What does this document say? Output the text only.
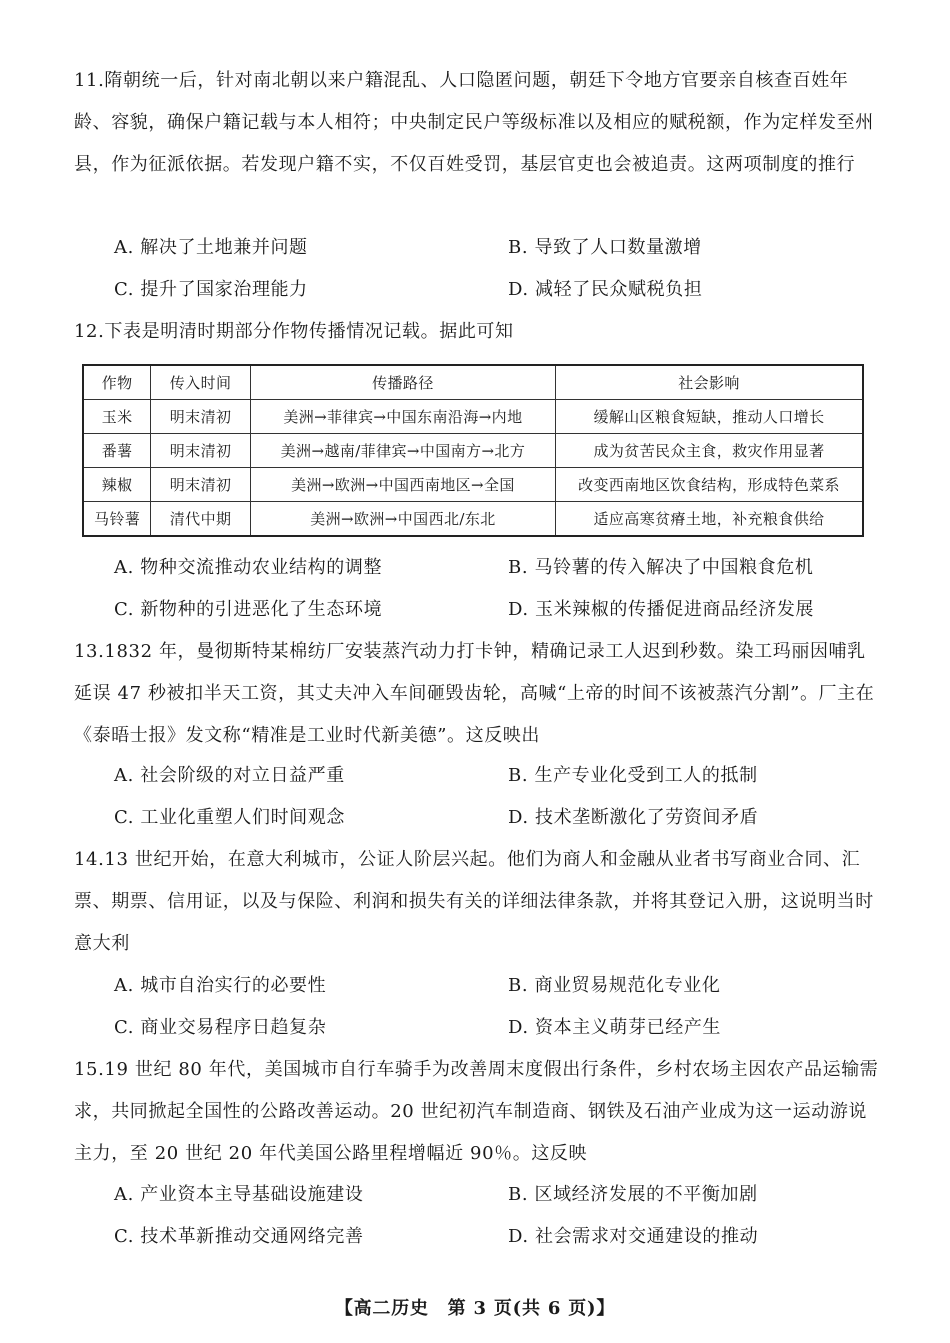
11.隋朝统一后，针对南北朝以来户籍混乱、人口隐匿问题，朝廷下令地方官要亲自核查百姓年龄、容貌，确保户籍记载与本人相符；中央制定民户等级标准以及相应的赋税额，作为定样发至州县，作为征派依据。若发现户籍不实，不仅百姓受罚，基层官吏也会被追责。这两项制度的推行
A. 解决了土地兼并问题	B. 导致了人口数量激增
C. 提升了国家治理能力	D. 减轻了民众赋税负担
12.下表是明清时期部分作物传播情况记载。据此可知
作物	传入时间	传播路径	社会影响
玉米	明末清初	美洲→菲律宾→中国东南沿海→内地	缓解山区粮食短缺，推动人口增长
番薯	明末清初	美洲→越南/菲律宾→中国南方→北方	成为贫苦民众主食，救灾作用显著
辣椒	明末清初	美洲→欧洲→中国西南地区→全国	改变西南地区饮食结构，形成特色菜系
马铃薯	清代中期	美洲→欧洲→中国西北/东北	适应高寒贫瘠土地，补充粮食供给
A. 物种交流推动农业结构的调整	B. 马铃薯的传入解决了中国粮食危机
C. 新物种的引进恶化了生态环境	D. 玉米辣椒的传播促进商品经济发展
13.1832 年，曼彻斯特某棉纺厂安装蒸汽动力打卡钟，精确记录工人迟到秒数。染工玛丽因哺乳延误 47 秒被扣半天工资，其丈夫冲入车间砸毁齿轮，高喊“上帝的时间不该被蒸汽分割”。厂主在《泰晤士报》发文称“精准是工业时代新美德”。这反映出
A. 社会阶级的对立日益严重	B. 生产专业化受到工人的抵制
C. 工业化重塑人们时间观念	D. 技术垄断激化了劳资间矛盾
14.13 世纪开始，在意大利城市，公证人阶层兴起。他们为商人和金融从业者书写商业合同、汇票、期票、信用证，以及与保险、利润和损失有关的详细法律条款，并将其登记入册，这说明当时意大利
A. 城市自治实行的必要性	B. 商业贸易规范化专业化
C. 商业交易程序日趋复杂	D. 资本主义萌芽已经产生
15.19 世纪 80 年代，美国城市自行车骑手为改善周末度假出行条件，乡村农场主因农产品运输需求，共同掀起全国性的公路改善运动。20 世纪初汽车制造商、钢铁及石油产业成为这一运动游说主力，至 20 世纪 20 年代美国公路里程增幅近 90％。这反映
A. 产业资本主导基础设施建设	B. 区域经济发展的不平衡加剧
C. 技术革新推动交通网络完善	D. 社会需求对交通建设的推动
【高二历史　第 3 页(共 6 页)】
